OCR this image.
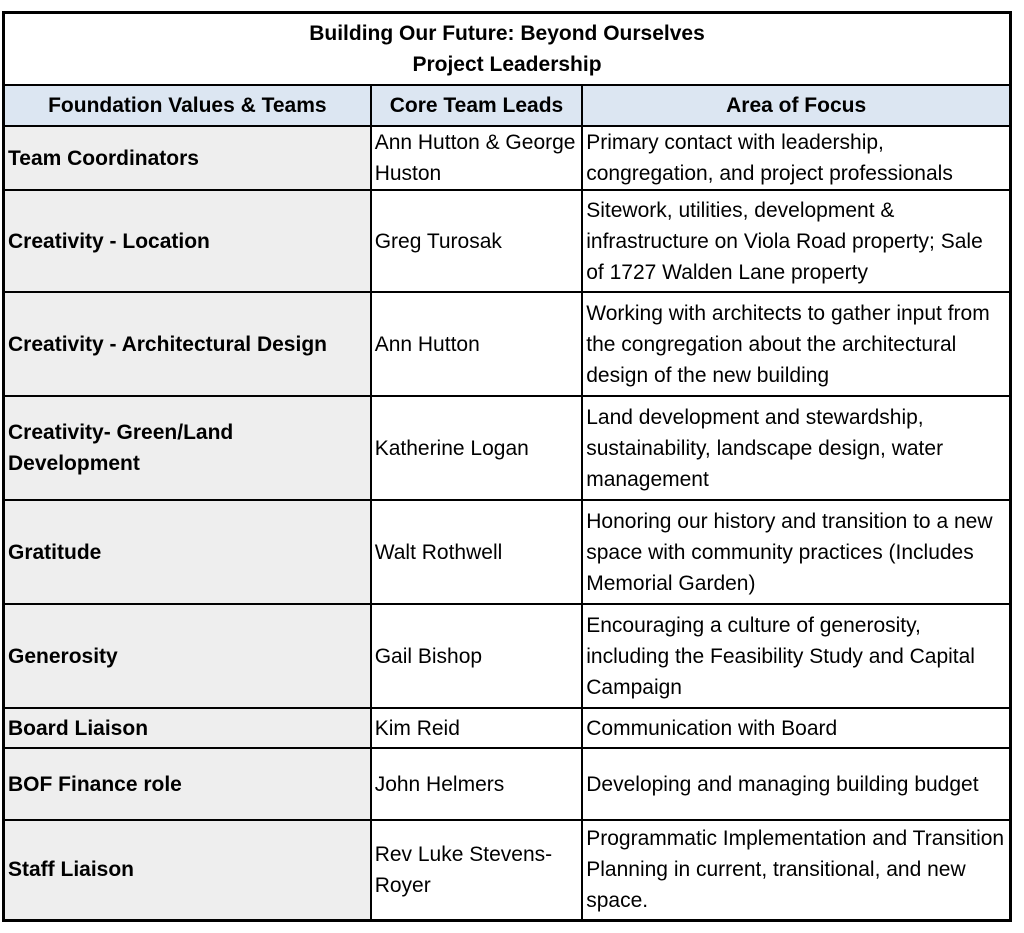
Building Our Future: Beyond Ourselves
Project Leadership		

Foundation Values & Teams	Core Team Leads	Area of Focus
Team Coordinators	Ann Hutton & George Huston	Primary contact with leadership, congregation, and project professionals
Creativity - Location	Greg Turosak	Sitework, utilities, development & infrastructure on Viola Road property; Sale of 1727 Walden Lane property
Creativity - Architectural Design	Ann Hutton	Working with architects to gather input from the congregation about the architectural design of the new building
Creativity- Green/Land Development	Katherine Logan	Land development and stewardship, sustainability, landscape design, water management
Gratitude	Walt Rothwell	Honoring our history and transition to a new space with community practices (Includes Memorial Garden)
Generosity	Gail Bishop	Encouraging a culture of generosity, including the Feasibility Study and Capital Campaign
Board Liaison	Kim Reid	Communication with Board
BOF Finance role	John Helmers	Developing and managing building budget
Staff Liaison	Rev Luke Stevens-Royer	Programmatic Implementation and Transition Planning in current, transitional, and new space.
